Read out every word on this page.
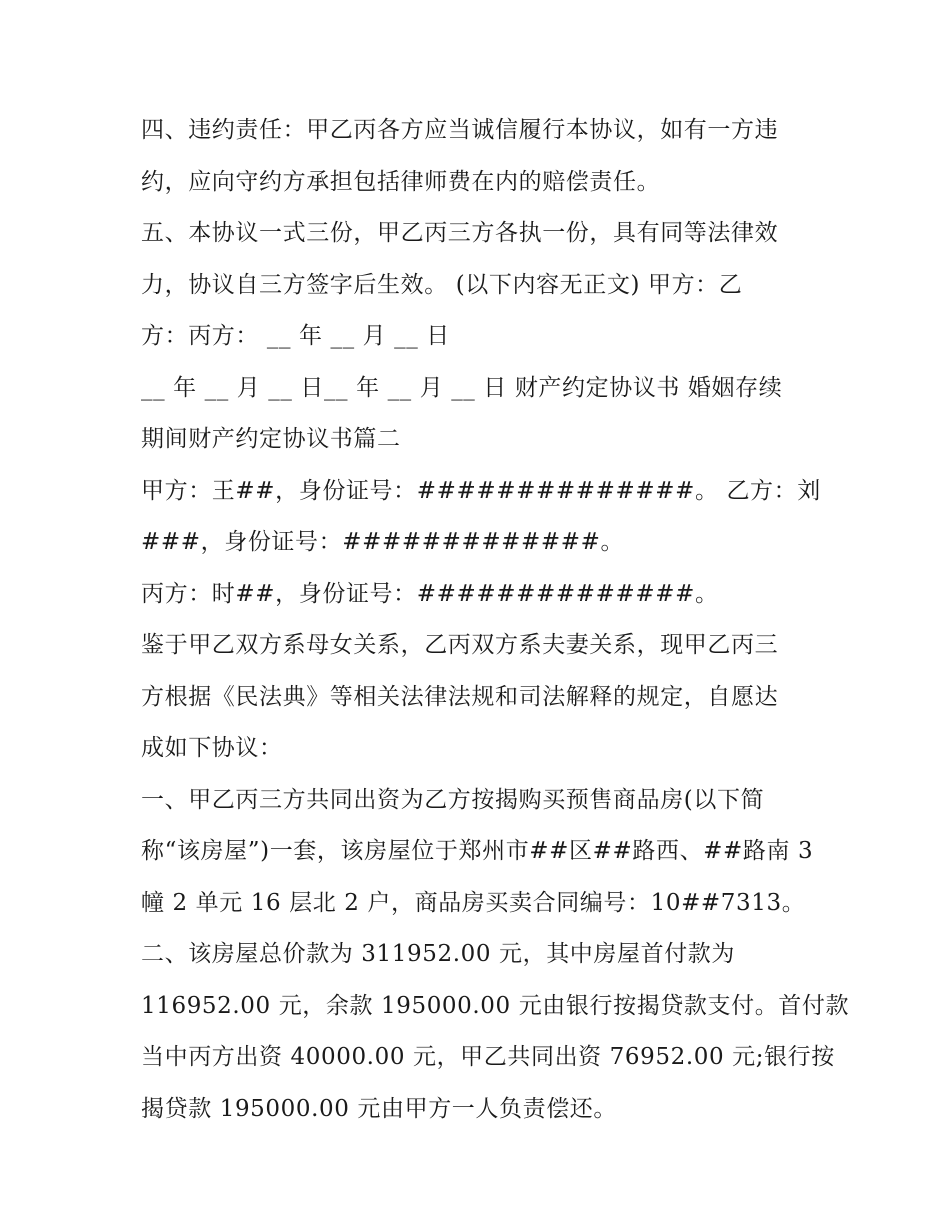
四、违约责任：甲乙丙各方应当诚信履行本协议，如有一方违
约，应向守约方承担包括律师费在内的赔偿责任。
五、本协议一式三份，甲乙丙三方各执一份，具有同等法律效
力，协议自三方签字后生效。 (以下内容无正文) 甲方：乙
方：丙方： __ 年 __ 月 __ 日
__ 年 __ 月 __ 日__ 年 __ 月 __ 日 财产约定协议书 婚姻存续
期间财产约定协议书篇二
甲方：王##，身份证号：##############。 乙方：刘
###，身份证号：#############。
丙方：时##，身份证号：##############。
鉴于甲乙双方系母女关系，乙丙双方系夫妻关系，现甲乙丙三
方根据《民法典》等相关法律法规和司法解释的规定，自愿达
成如下协议：
一、甲乙丙三方共同出资为乙方按揭购买预售商品房(以下简
称“该房屋”)一套，该房屋位于郑州市##区##路西、##路南 3
幢 2 单元 16 层北 2 户，商品房买卖合同编号：10##7313。
二、该房屋总价款为 311952.00 元，其中房屋首付款为
116952.00 元，余款 195000.00 元由银行按揭贷款支付。首付款
当中丙方出资 40000.00 元，甲乙共同出资 76952.00 元;银行按
揭贷款 195000.00 元由甲方一人负责偿还。
